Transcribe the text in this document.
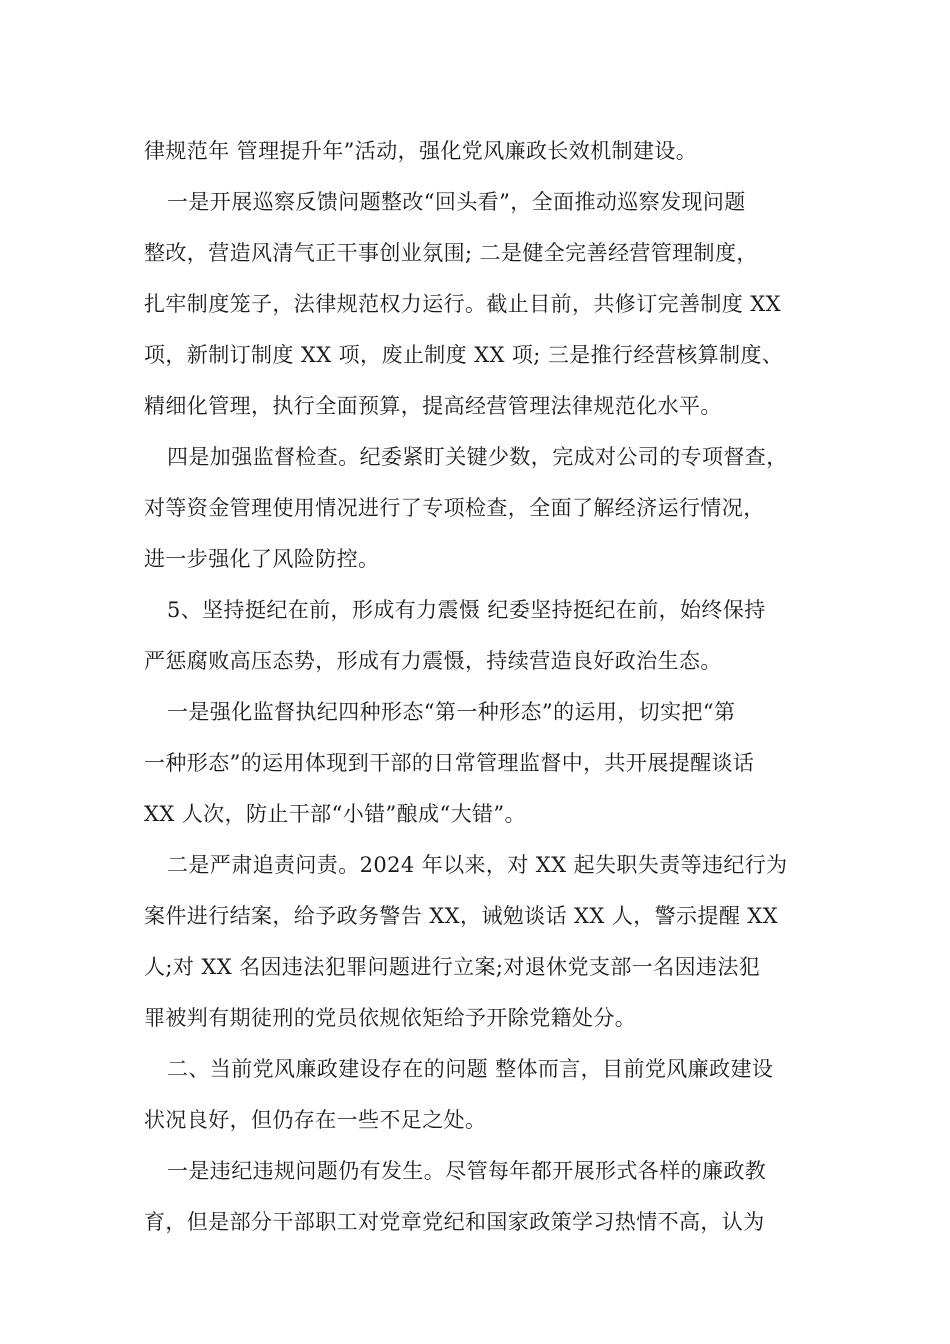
律规范年 管理提升年”活动，强化党风廉政长效机制建设。
一是开展巡察反馈问题整改“回头看”，全面推动巡察发现问题
整改，营造风清气正干事创业氛围; 二是健全完善经营管理制度，
扎牢制度笼子，法律规范权力运行。截止目前，共修订完善制度 XX
项，新制订制度 XX 项，废止制度 XX 项; 三是推行经营核算制度、
精细化管理，执行全面预算，提高经营管理法律规范化水平。
四是加强监督检查。纪委紧盯关键少数，完成对公司的专项督查，
对等资金管理使用情况进行了专项检查，全面了解经济运行情况，
进一步强化了风险防控。
5、坚持挺纪在前，形成有力震慑 纪委坚持挺纪在前，始终保持
严惩腐败高压态势，形成有力震慑，持续营造良好政治生态。
一是强化监督执纪四种形态“第一种形态”的运用，切实把“第
一种形态”的运用体现到干部的日常管理监督中，共开展提醒谈话
XX 人次，防止干部“小错”酿成“大错”。
二是严肃追责问责。2024 年以来，对 XX 起失职失责等违纪行为
案件进行结案，给予政务警告 XX，诫勉谈话 XX 人，警示提醒 XX
人;对 XX 名因违法犯罪问题进行立案;对退休党支部一名因违法犯
罪被判有期徒刑的党员依规依矩给予开除党籍处分。
二、当前党风廉政建设存在的问题 整体而言，目前党风廉政建设
状况良好，但仍存在一些不足之处。
一是违纪违规问题仍有发生。尽管每年都开展形式各样的廉政教
育，但是部分干部职工对党章党纪和国家政策学习热情不高，认为
